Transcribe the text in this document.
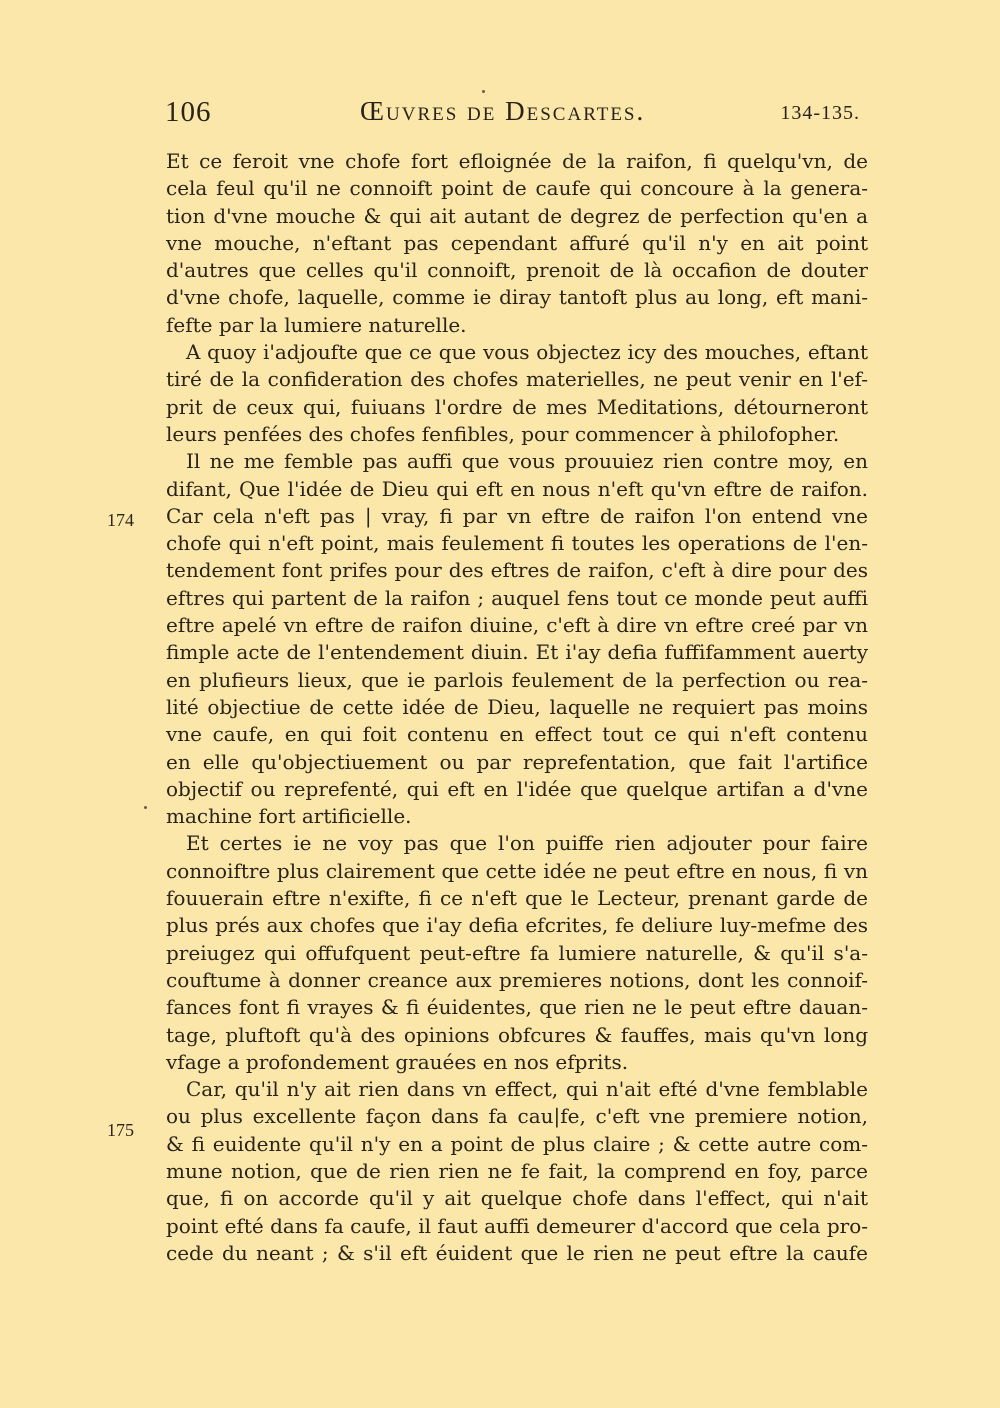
106	Œuvres de Descartes.	134-135.
174
175
Et ce feroit vne chofe fort efloignée de la raifon, fi quelqu'vn, de
cela feul qu'il ne connoift point de caufe qui concoure à la genera-
tion d'vne mouche & qui ait autant de degrez de perfection qu'en a
vne mouche, n'eftant pas cependant affuré qu'il n'y en ait point
d'autres que celles qu'il connoift, prenoit de là occafion de douter
d'vne chofe, laquelle, comme ie diray tantoft plus au long, eft mani-
fefte par la lumiere naturelle.
A quoy i'adjoufte que ce que vous objectez icy des mouches, eftant
tiré de la confideration des chofes materielles, ne peut venir en l'ef-
prit de ceux qui, fuiuans l'ordre de mes Meditations, détourneront
leurs penfées des chofes fenfibles, pour commencer à philofopher.
Il ne me femble pas auffi que vous prouuiez rien contre moy, en
difant, Que l'idée de Dieu qui eft en nous n'eft qu'vn eftre de raifon.
Car cela n'eft pas | vray, fi par vn eftre de raifon l'on entend vne
chofe qui n'eft point, mais feulement fi toutes les operations de l'en-
tendement font prifes pour des eftres de raifon, c'eft à dire pour des
eftres qui partent de la raifon ; auquel fens tout ce monde peut auffi
eftre apelé vn eftre de raifon diuine, c'eft à dire vn eftre creé par vn
fimple acte de l'entendement diuin. Et i'ay defia fuffifamment auerty
en plufieurs lieux, que ie parlois feulement de la perfection ou rea-
lité objectiue de cette idée de Dieu, laquelle ne requiert pas moins
vne caufe, en qui foit contenu en effect tout ce qui n'eft contenu
en elle qu'objectiuement ou par reprefentation, que fait l'artifice
objectif ou reprefenté, qui eft en l'idée que quelque artifan a d'vne
machine fort artificielle.
Et certes ie ne voy pas que l'on puiffe rien adjouter pour faire
connoiftre plus clairement que cette idée ne peut eftre en nous, fi vn
fouuerain eftre n'exifte, fi ce n'eft que le Lecteur, prenant garde de
plus prés aux chofes que i'ay defia efcrites, fe deliure luy-mefme des
preiugez qui offufquent peut-eftre fa lumiere naturelle, & qu'il s'a-
couftume à donner creance aux premieres notions, dont les connoif-
fances font fi vrayes & fi éuidentes, que rien ne le peut eftre dauan-
tage, pluftoft qu'à des opinions obfcures & fauffes, mais qu'vn long
vfage a profondement grauées en nos efprits.
Car, qu'il n'y ait rien dans vn effect, qui n'ait efté d'vne femblable
ou plus excellente façon dans fa cau|fe, c'eft vne premiere notion,
& fi euidente qu'il n'y en a point de plus claire ; & cette autre com-
mune notion, que de rien rien ne fe fait, la comprend en foy, parce
que, fi on accorde qu'il y ait quelque chofe dans l'effect, qui n'ait
point efté dans fa caufe, il faut auffi demeurer d'accord que cela pro-
cede du neant ; & s'il eft éuident que le rien ne peut eftre la caufe
